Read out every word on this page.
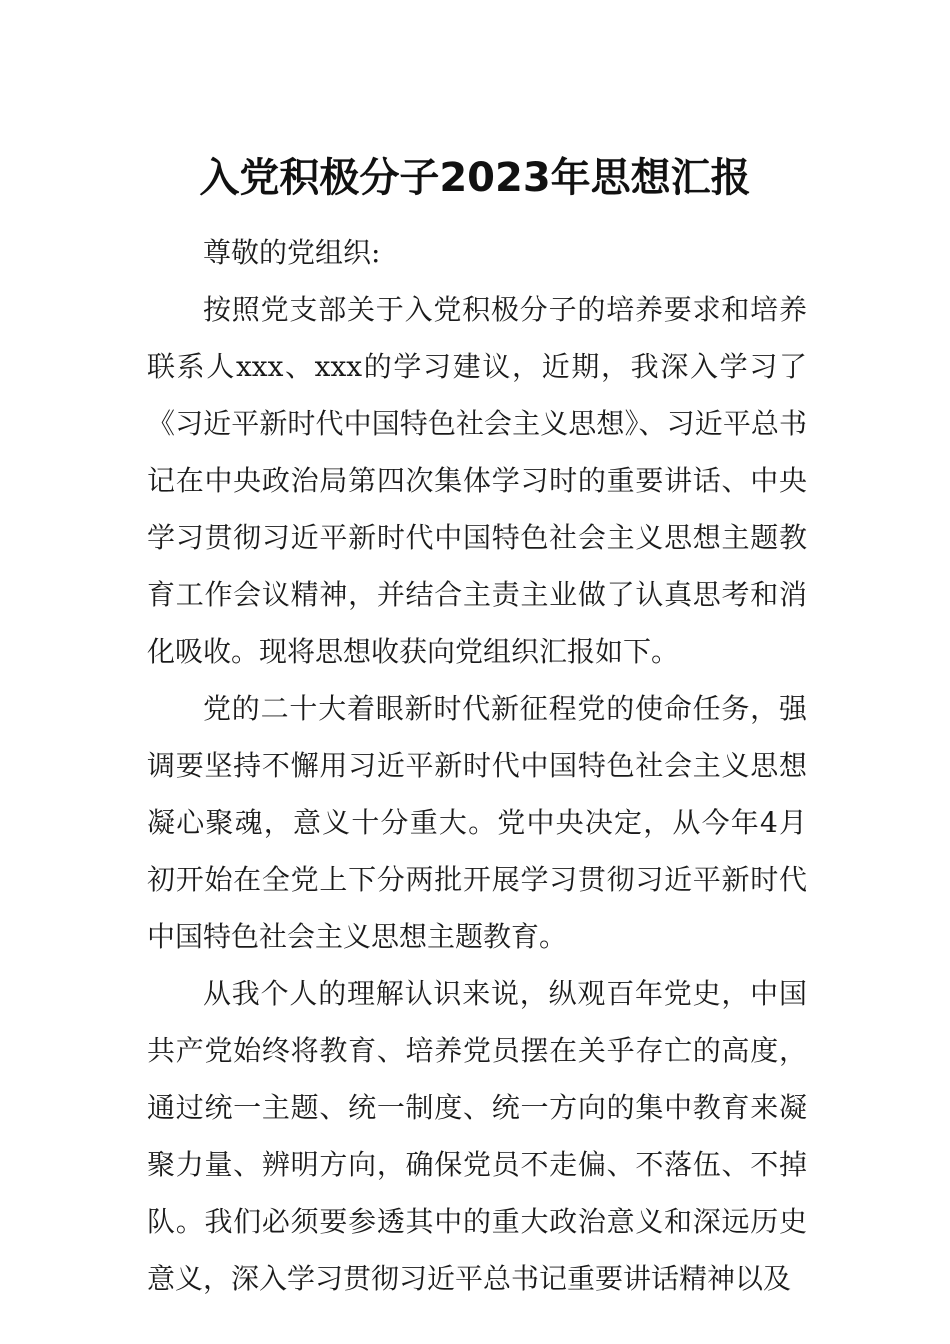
入党积极分子2023年思想汇报

尊敬的党组织:

按照党支部关于入党积极分子的培养要求和培养联系人xxx、xxx的学习建议，近期，我深入学习了《习近平新时代中国特色社会主义思想》、习近平总书记在中央政治局第四次集体学习时的重要讲话、中央学习贯彻习近平新时代中国特色社会主义思想主题教育工作会议精神，并结合主责主业做了认真思考和消化吸收。现将思想收获向党组织汇报如下。

党的二十大着眼新时代新征程党的使命任务，强调要坚持不懈用习近平新时代中国特色社会主义思想凝心聚魂，意义十分重大。党中央决定，从今年4月初开始在全党上下分两批开展学习贯彻习近平新时代中国特色社会主义思想主题教育。

从我个人的理解认识来说，纵观百年党史，中国共产党始终将教育、培养党员摆在关乎存亡的高度，通过统一主题、统一制度、统一方向的集中教育来凝聚力量、辨明方向，确保党员不走偏、不落伍、不掉队。我们必须要参透其中的重大政治意义和深远历史意义，深入学习贯彻习近平总书记重要讲话精神以及
